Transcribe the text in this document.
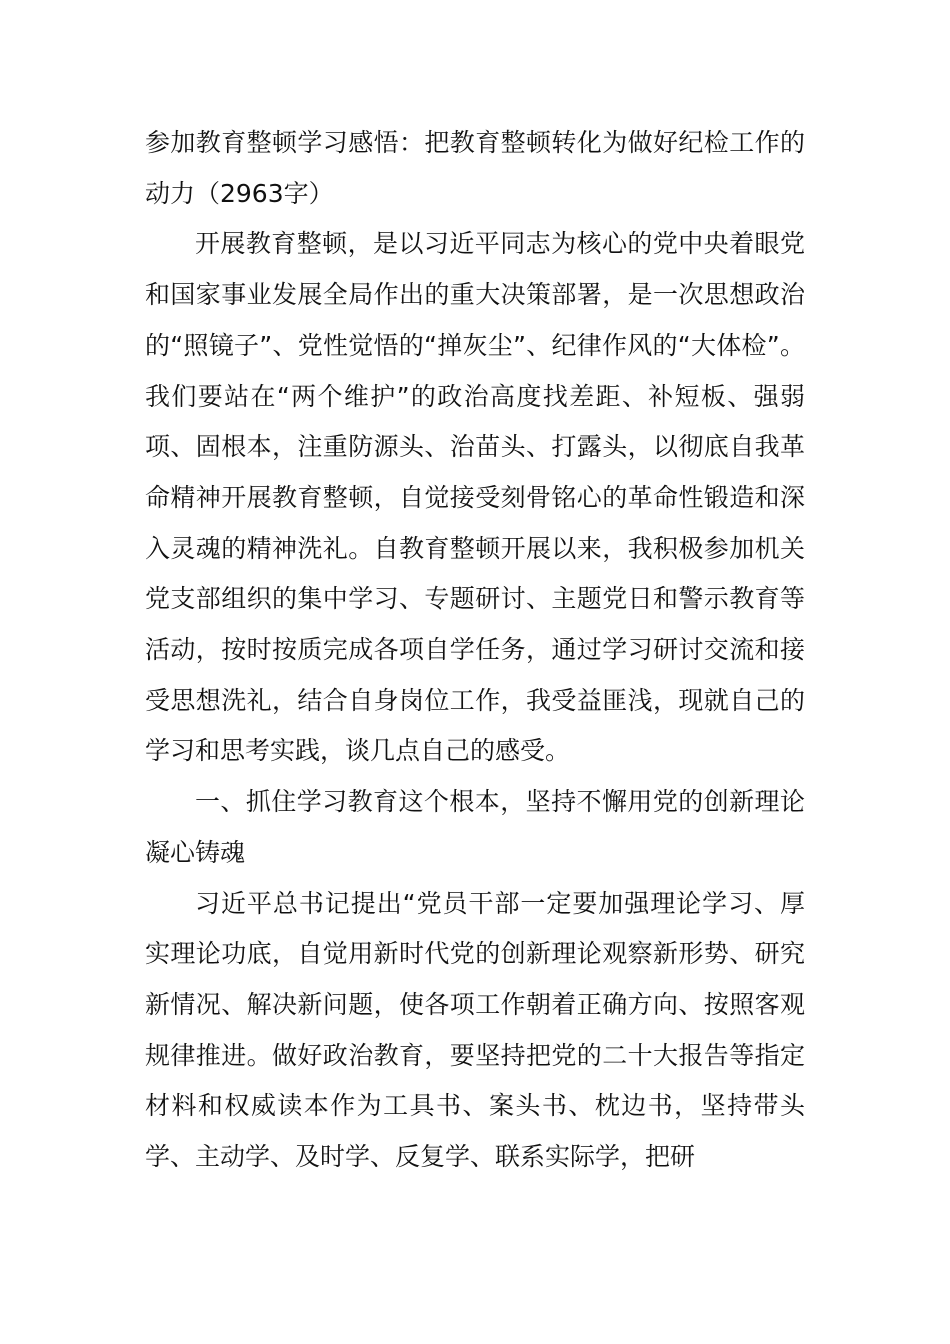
参加教育整顿学习感悟：把教育整顿转化为做好纪检工作的动力（2963字）

开展教育整顿，是以习近平同志为核心的党中央着眼党和国家事业发展全局作出的重大决策部署，是一次思想政治的“照镜子”、党性觉悟的“掸灰尘”、纪律作风的“大体检”。我们要站在“两个维护”的政治高度找差距、补短板、强弱项、固根本，注重防源头、治苗头、打露头，以彻底自我革命精神开展教育整顿，自觉接受刻骨铭心的革命性锻造和深入灵魂的精神洗礼。自教育整顿开展以来，我积极参加机关党支部组织的集中学习、专题研讨、主题党日和警示教育等活动，按时按质完成各项自学任务，通过学习研讨交流和接受思想洗礼，结合自身岗位工作，我受益匪浅，现就自己的学习和思考实践，谈几点自己的感受。

一、抓住学习教育这个根本，坚持不懈用党的创新理论凝心铸魂

习近平总书记提出“党员干部一定要加强理论学习、厚实理论功底，自觉用新时代党的创新理论观察新形势、研究新情况、解决新问题，使各项工作朝着正确方向、按照客观规律推进。做好政治教育，要坚持把党的二十大报告等指定材料和权威读本作为工具书、案头书、枕边书，坚持带头学、主动学、及时学、反复学、联系实际学，把研
